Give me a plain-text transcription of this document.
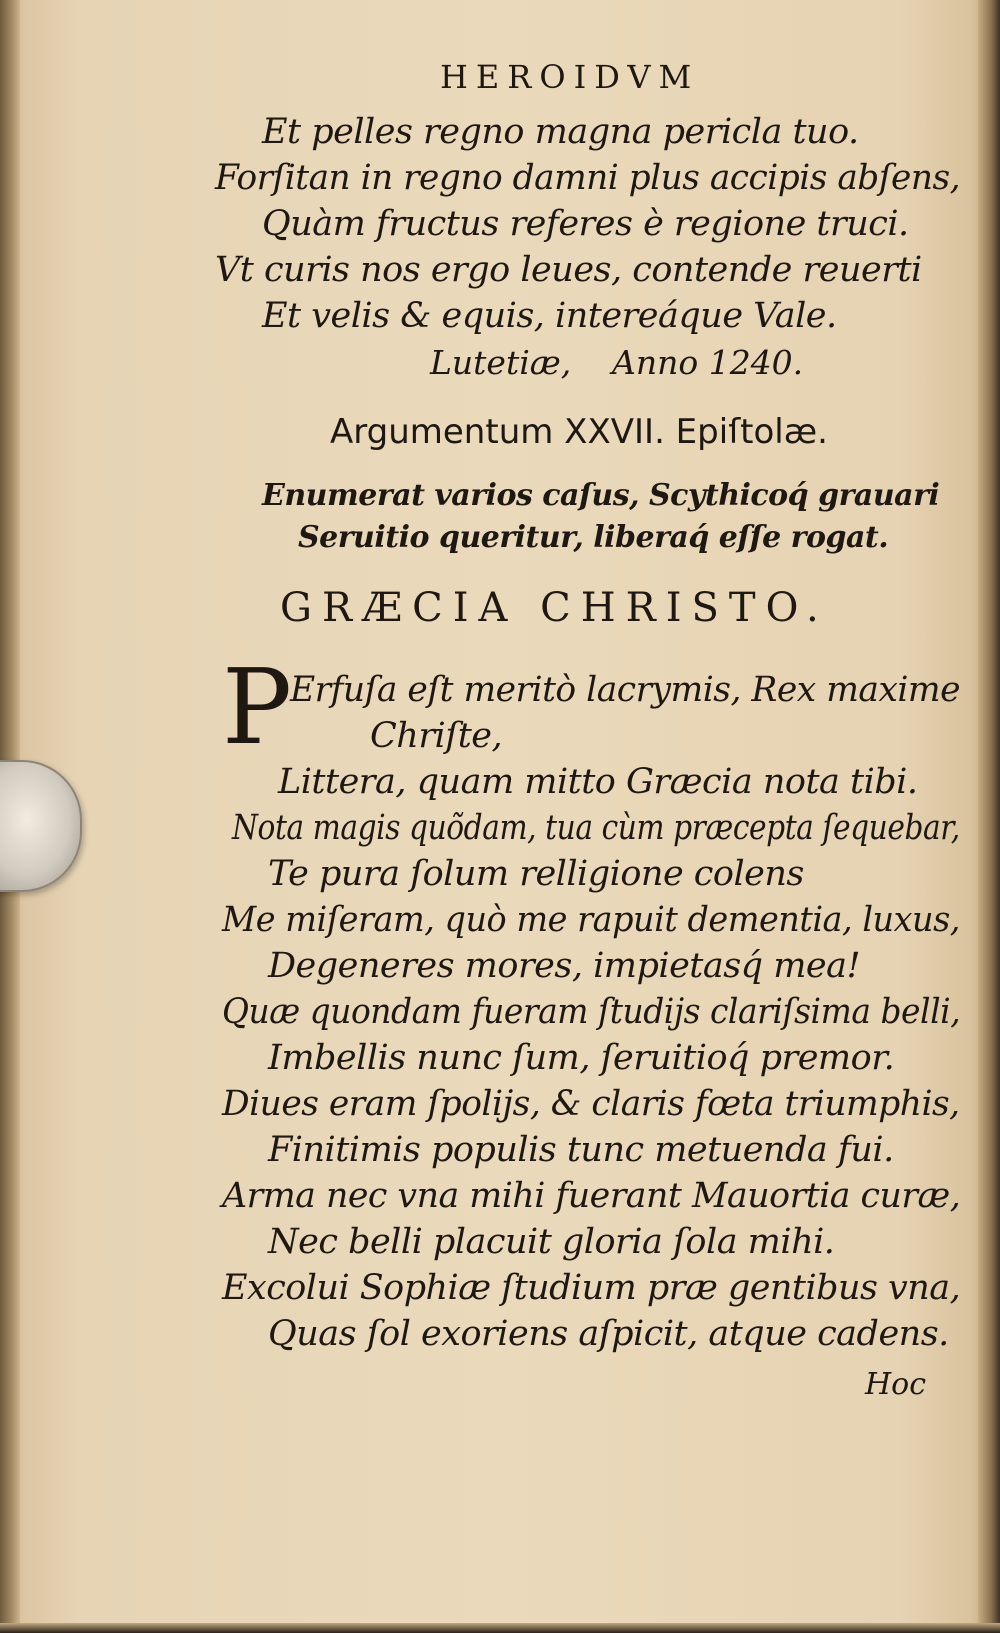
HEROIDVM
Et pelles regno magna pericla tuo.
Forſitan in regno damni plus accipis abſens,
Quàm fructus referes è regione truci.
Vt curis nos ergo leues, contende reuerti
Et velis & equis, intereáque Vale.
Lutetiæ, Anno 1240.
Argumentum XXVII. Epiſtolæ.
Enumerat varios caſus, Scythicoq́ grauari
Seruitio queritur, liberaq́ eſſe rogat.
GRÆCIA CHRISTO.
P
Erfuſa eſt meritò lacrymis, Rex maxime
Chriſte,
Littera, quam mitto Græcia nota tibi.
Nota magis quõdam, tua cùm præcepta ſequebar,
Te pura ſolum relligione colens
Me miſeram, quò me rapuit dementia, luxus,
Degeneres mores, impietasq́ mea!
Quæ quondam fueram ſtudijs clariſsima belli,
Imbellis nunc ſum, ſeruitioq́ premor.
Diues eram ſpolijs, & claris fœta triumphis,
Finitimis populis tunc metuenda fui.
Arma nec vna mihi fuerant Mauortia curæ,
Nec belli placuit gloria ſola mihi.
Excolui Sophiæ ſtudium præ gentibus vna,
Quas ſol exoriens aſpicit, atque cadens.
Hoc
